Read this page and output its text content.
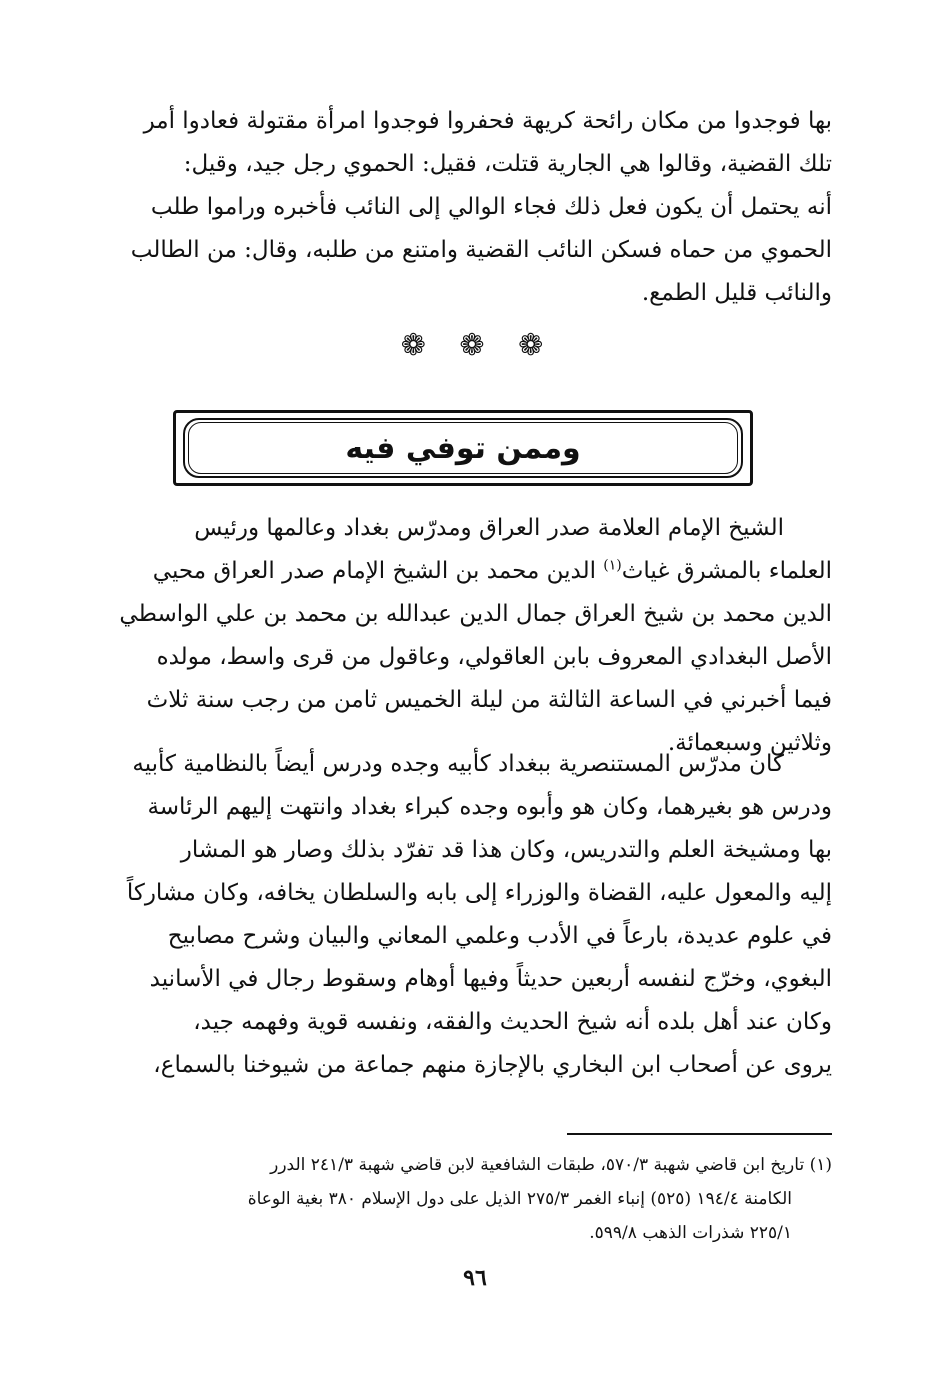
بها فوجدوا من مكان رائحة كريهة فحفروا فوجدوا امرأة مقتولة فعادوا أمر
تلك القضية، وقالوا هي الجارية قتلت، فقيل: الحموي رجل جيد، وقيل:
أنه يحتمل أن يكون فعل ذلك فجاء الوالي إلى النائب فأخبره وراموا طلب
الحموي من حماه فسكن النائب القضية وامتنع من طلبه، وقال: من الطالب
والنائب قليل الطمع.
❁ ❁ ❁
وممن توفي فيه
الشيخ الإمام العلامة صدر العراق ومدرّس بغداد وعالمها ورئيس
العلماء بالمشرق غياث$^{(١)}$ الدين محمد بن الشيخ الإمام صدر العراق محيي
الدين محمد بن شيخ العراق جمال الدين عبدالله بن محمد بن علي الواسطي
الأصل البغدادي المعروف بابن العاقولي، وعاقول من قرى واسط، مولده
فيما أخبرني في الساعة الثالثة من ليلة الخميس ثامن من رجب سنة ثلاث
وثلاثين وسبعمائة.
كان مدرّس المستنصرية ببغداد كأبيه وجده ودرس أيضاً بالنظامية كأبيه
ودرس هو بغيرهما، وكان هو وأبوه وجده كبراء بغداد وانتهت إليهم الرئاسة
بها ومشيخة العلم والتدريس، وكان هذا قد تفرّد بذلك وصار هو المشار
إليه والمعول عليه، القضاة والوزراء إلى بابه والسلطان يخافه، وكان مشاركاً
في علوم عديدة، بارعاً في الأدب وعلمي المعاني والبيان وشرح مصابيح
البغوي، وخرّج لنفسه أربعين حديثاً وفيها أوهام وسقوط رجال في الأسانيد
وكان عند أهل بلده أنه شيخ الحديث والفقه، ونفسه قوية وفهمه جيد،
يروى عن أصحاب ابن البخاري بالإجازة منهم جماعة من شيوخنا بالسماع،
(١) تاريخ ابن قاضي شهبة ٥٧٠/٣، طبقات الشافعية لابن قاضي شهبة ٢٤١/٣ الدرر
الكامنة ١٩٤/٤ (٥٢٥) إنباء الغمر ٢٧٥/٣ الذيل على دول الإسلام ٣٨٠ بغية الوعاة
٢٢٥/١ شذرات الذهب ٥٩٩/٨.
٩٦
